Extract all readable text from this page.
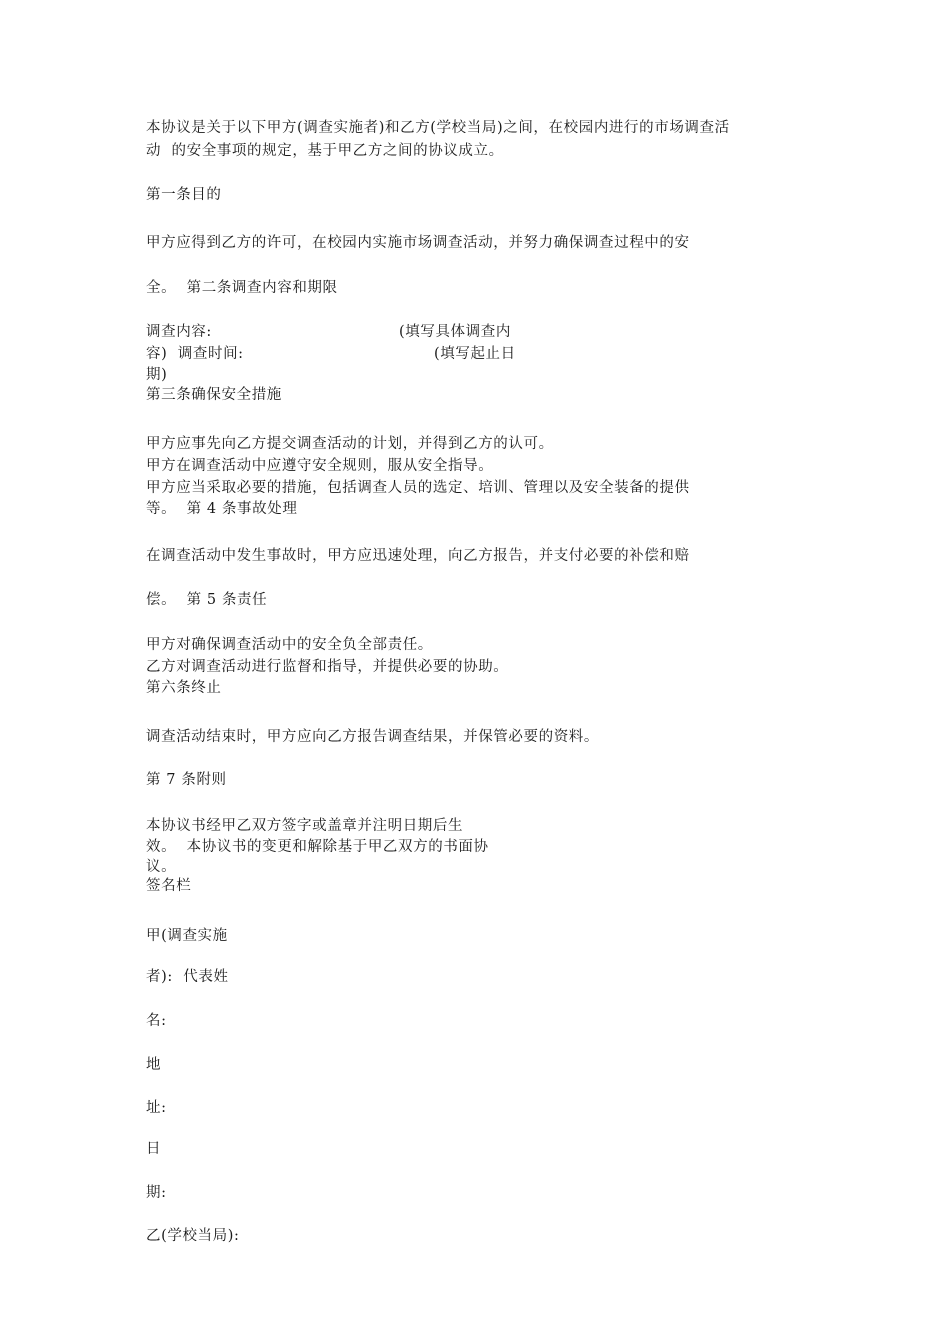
本协议是关于以下甲方(调查实施者)和乙方(学校当局)之间，在校园内进行的市场调查活

动  的安全事项的规定，基于甲乙方之间的协议成立。

第一条目的

甲方应得到乙方的许可，在校园内实施市场调查活动，并努力确保调查过程中的安

全。  第二条调查内容和期限

调查内容:	(填写具体调查内

容)  调查时间:	(填写起止日

期)

第三条确保安全措施

甲方应事先向乙方提交调查活动的计划，并得到乙方的认可。

甲方在调查活动中应遵守安全规则，服从安全指导。

甲方应当采取必要的措施，包括调查人员的选定、培训、管理以及安全装备的提供

等。  第 4 条事故处理

在调查活动中发生事故时，甲方应迅速处理，向乙方报告，并支付必要的补偿和赔

偿。  第 5 条责任

甲方对确保调查活动中的安全负全部责任。

乙方对调查活动进行监督和指导，并提供必要的协助。

第六条终止

调查活动结束时，甲方应向乙方报告调查结果，并保管必要的资料。

第 7 条附则

本协议书经甲乙双方签字或盖章并注明日期后生

效。  本协议书的变更和解除基于甲乙双方的书面协

议。

签名栏

甲(调查实施

者):  代表姓

名:

地

址:

日

期:

乙(学校当局):
